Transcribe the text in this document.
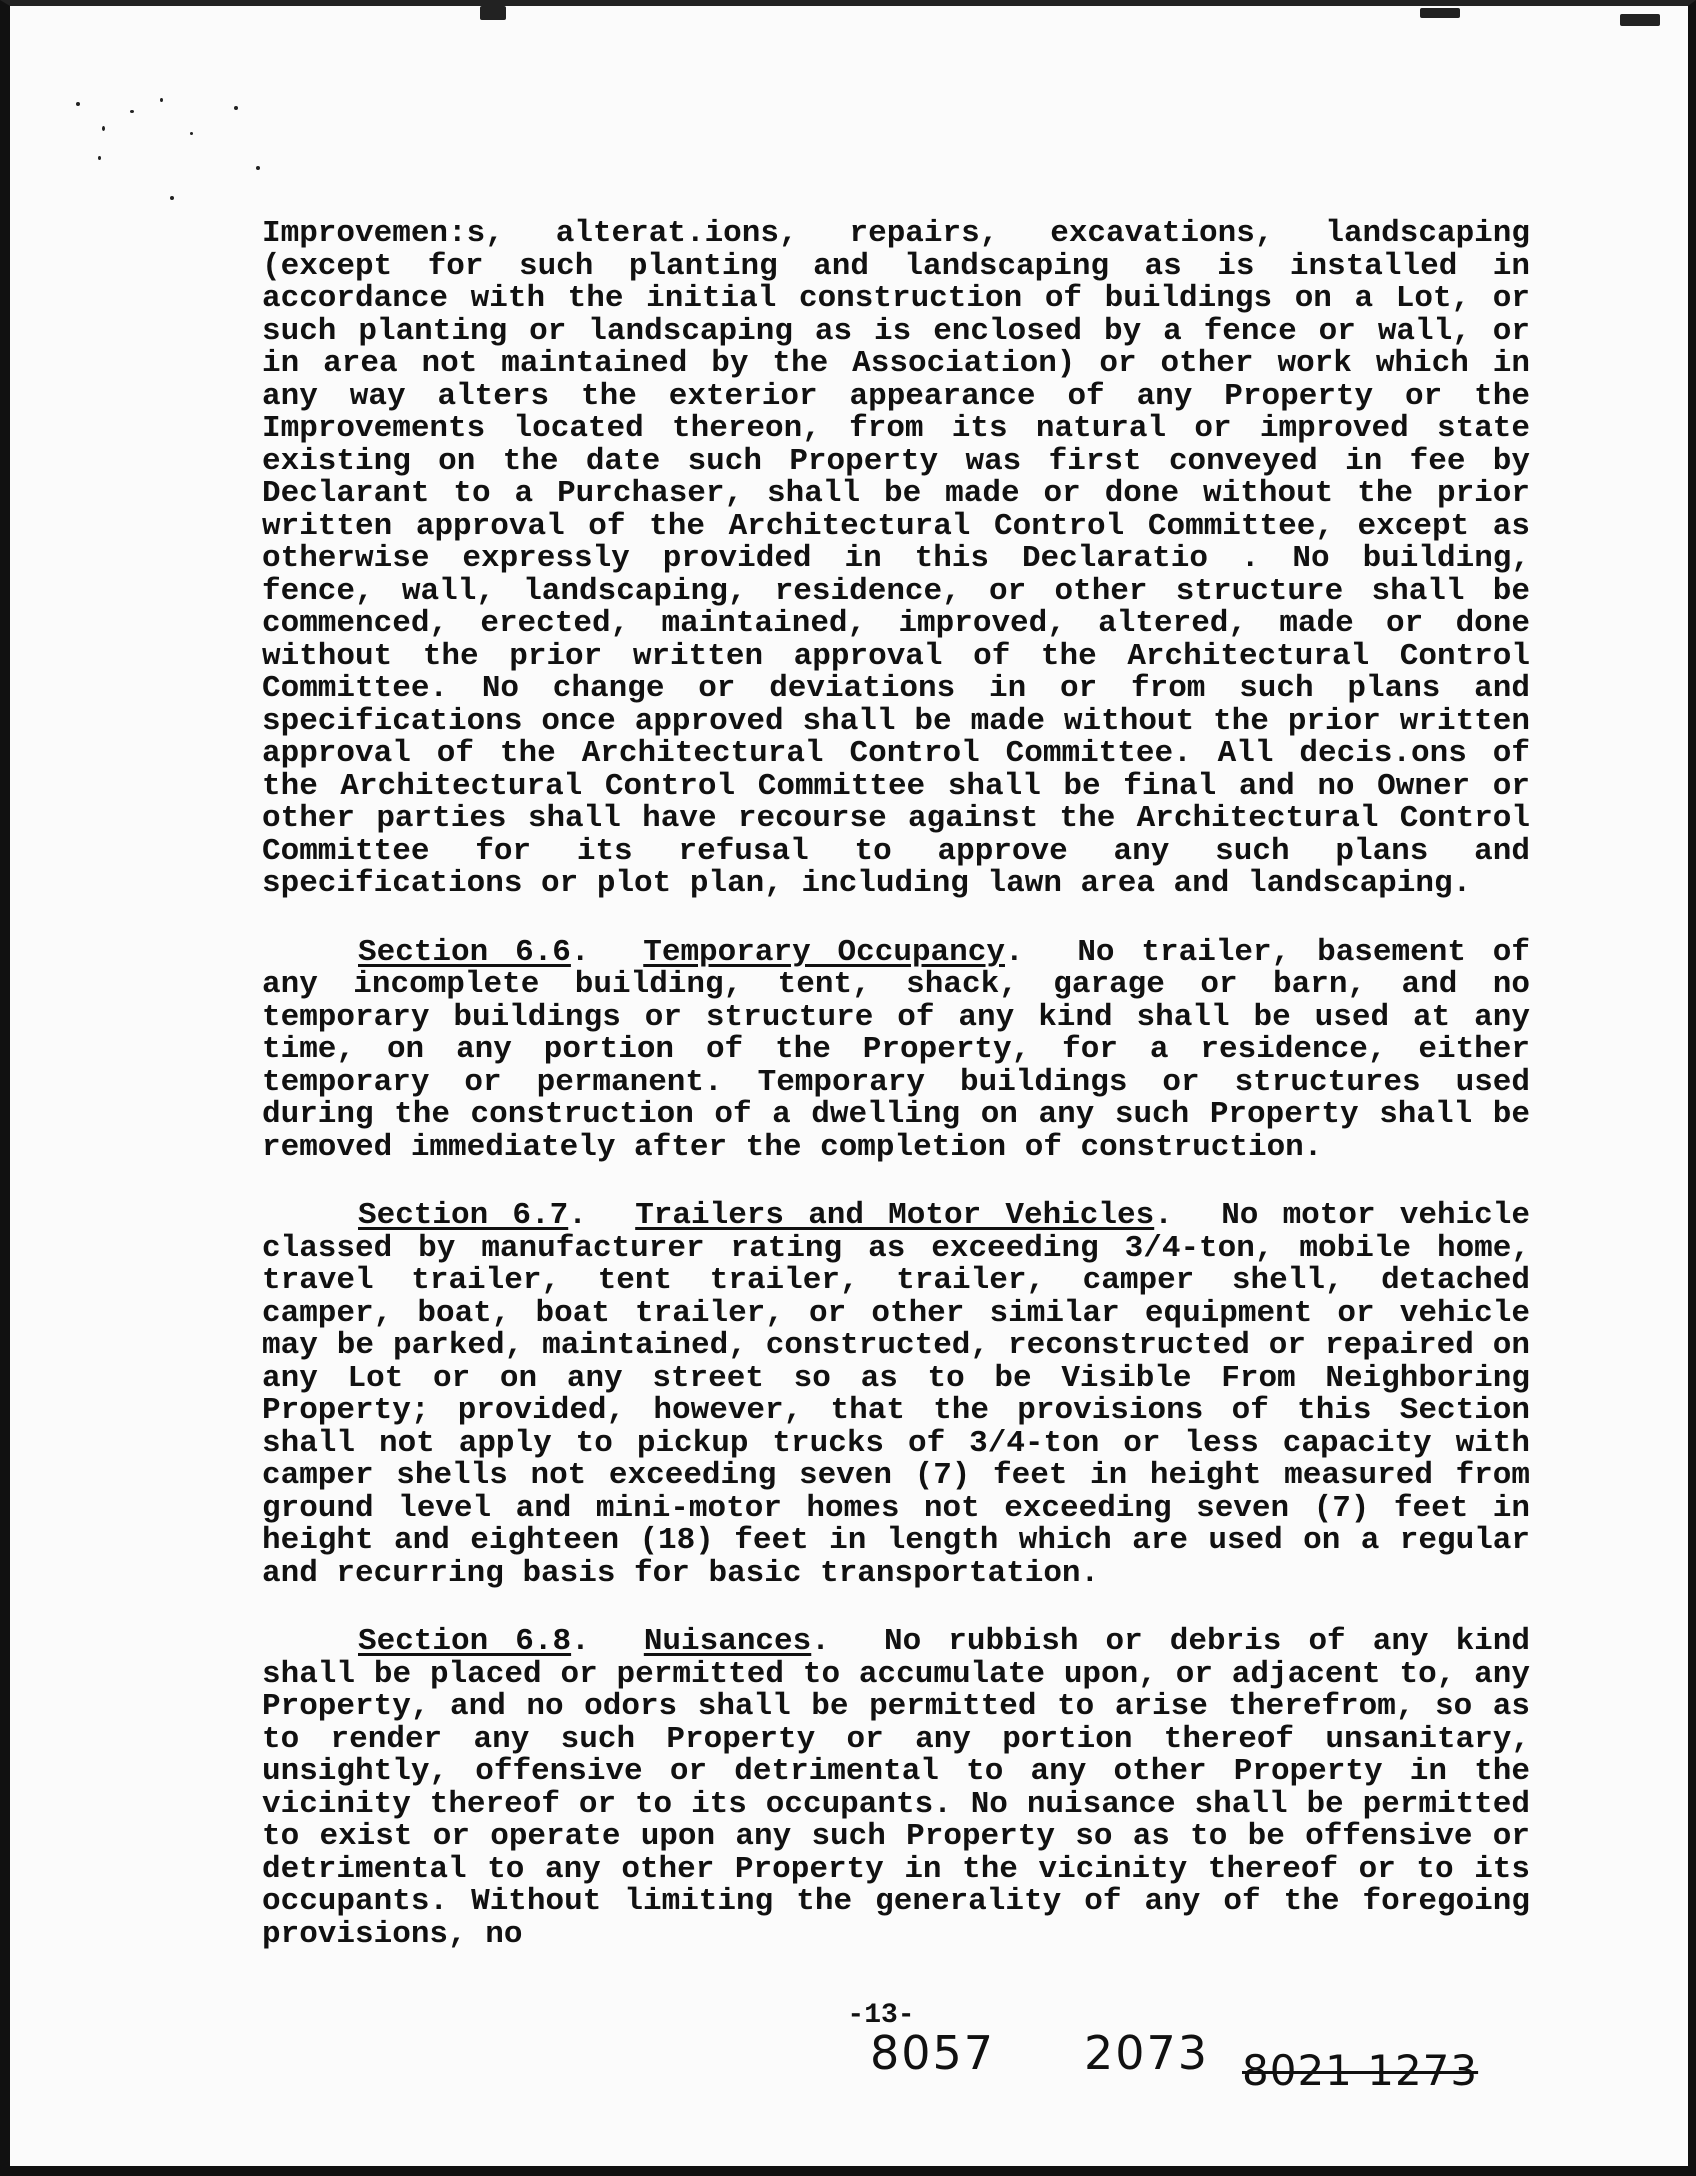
Improvemen:s, alterat.ions, repairs, excavations, landscaping (except for such planting and landscaping as is installed in accordance with the initial construction of buildings on a Lot, or such planting or landscaping as is enclosed by a fence or wall, or in area not maintained by the Association) or other work which in any way alters the exterior appearance of any Property or the Improvements located thereon, from its natural or improved state existing on the date such Property was first conveyed in fee by Declarant to a Purchaser, shall be made or done without the prior written approval of the Architectural Control Committee, except as otherwise expressly provided in this Declaratio . No building, fence, wall, landscaping, residence, or other structure shall be commenced, erected, maintained, improved, altered, made or done without the prior written approval of the Architectural Control Committee. No change or deviations in or from such plans and specifications once approved shall be made without the prior written approval of the Architectural Control Committee. All decis.ons of the Architectural Control Committee shall be final and no Owner or other parties shall have recourse against the Architectural Control Committee for its refusal to approve any such plans and specifications or plot plan, including lawn area and landscaping.

Section 6.6.  Temporary Occupancy.  No trailer, basement of any incomplete building, tent, shack, garage or barn, and no temporary buildings or structure of any kind shall be used at any time, on any portion of the Property, for a residence, either temporary or permanent. Temporary buildings or structures used during the construction of a dwelling on any such Property shall be removed immediately after the completion of construction.

Section 6.7.  Trailers and Motor Vehicles.  No motor vehicle classed by manufacturer rating as exceeding 3/4-ton, mobile home, travel trailer, tent trailer, trailer, camper shell, detached camper, boat, boat trailer, or other similar equipment or vehicle may be parked, maintained, constructed, reconstructed or repaired on any Lot or on any street so as to be Visible From Neighboring Property; provided, however, that the provisions of this Section shall not apply to pickup trucks of 3/4-ton or less capacity with camper shells not exceeding seven (7) feet in height measured from ground level and mini-motor homes not exceeding seven (7) feet in height and eighteen (18) feet in length which are used on a regular and recurring basis for basic transportation.

Section 6.8.  Nuisances.  No rubbish or debris of any kind shall be placed or permitted to accumulate upon, or adjacent to, any Property, and no odors shall be permitted to arise therefrom, so as to render any such Property or any portion thereof unsanitary, unsightly, offensive or detrimental to any other Property in the vicinity thereof or to its occupants. No nuisance shall be permitted to exist or operate upon any such Property so as to be offensive or detrimental to any other Property in the vicinity thereof or to its occupants. Without limiting the generality of any of the foregoing provisions, no

-13-
8057 2073 8021 1273
